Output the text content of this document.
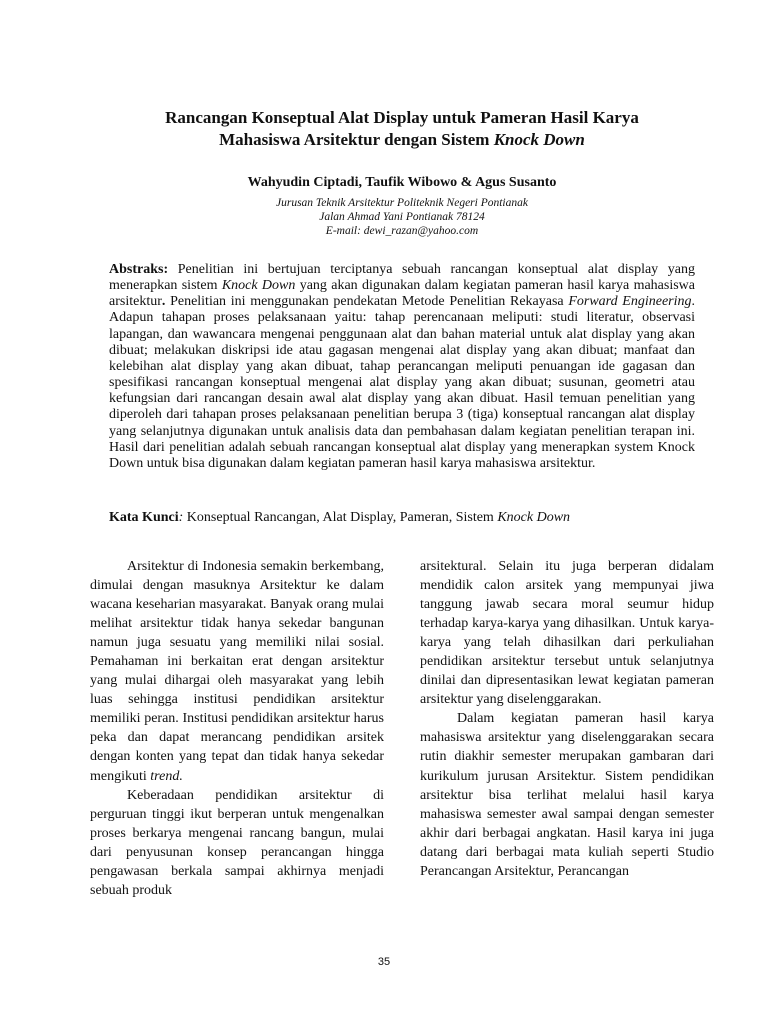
Rancangan Konseptual Alat Display untuk Pameran Hasil Karya
Mahasiswa Arsitektur dengan Sistem Knock Down
Wahyudin Ciptadi, Taufik Wibowo & Agus Susanto
Jurusan Teknik Arsitektur Politeknik Negeri Pontianak
Jalan Ahmad Yani Pontianak 78124
E-mail: dewi_razan@yahoo.com

Abstraks: Penelitian ini bertujuan terciptanya sebuah rancangan konseptual alat display yang menerapkan sistem Knock Down yang akan digunakan dalam kegiatan pameran hasil karya mahasiswa arsitektur. Penelitian ini menggunakan pendekatan Metode Penelitian Rekayasa Forward Engineering. Adapun tahapan proses pelaksanaan yaitu: tahap perencanaan meliputi: studi literatur, observasi lapangan, dan wawancara mengenai penggunaan alat dan bahan material untuk alat display yang akan dibuat; melakukan diskripsi ide atau gagasan mengenai alat display yang akan dibuat; manfaat dan kelebihan alat display yang akan dibuat, tahap perancangan meliputi penuangan ide gagasan dan spesifikasi rancangan konseptual mengenai alat display yang akan dibuat; susunan, geometri atau kefungsian dari rancangan desain awal alat display yang akan dibuat. Hasil temuan penelitian yang diperoleh dari tahapan proses pelaksanaan penelitian berupa 3 (tiga) konseptual rancangan alat display yang selanjutnya digunakan untuk analisis data dan pembahasan dalam kegiatan penelitian terapan ini. Hasil dari penelitian adalah sebuah rancangan konseptual alat display yang menerapkan system Knock Down untuk bisa digunakan dalam kegiatan pameran hasil karya mahasiswa arsitektur.

Kata Kunci: Konseptual Rancangan, Alat Display, Pameran, Sistem Knock Down

Arsitektur di Indonesia semakin berkembang, dimulai dengan masuknya Arsitektur ke dalam wacana keseharian masyarakat. Banyak orang mulai melihat arsitektur tidak hanya sekedar bangunan namun juga sesuatu yang memiliki nilai sosial. Pemahaman ini berkaitan erat dengan arsitektur yang mulai dihargai oleh masyarakat yang lebih luas sehingga institusi pendidikan arsitektur memiliki peran. Institusi pendidikan arsitektur harus peka dan dapat merancang pendidikan arsitek dengan konten yang tepat dan tidak hanya sekedar mengikuti trend.

Keberadaan pendidikan arsitektur di perguruan tinggi ikut berperan untuk mengenalkan proses berkarya mengenai rancang bangun, mulai dari penyusunan konsep perancangan hingga pengawasan berkala sampai akhirnya menjadi sebuah produk

arsitektural. Selain itu juga berperan didalam mendidik calon arsitek yang mempunyai jiwa tanggung jawab secara moral seumur hidup terhadap karya-karya yang dihasilkan. Untuk karya-karya yang telah dihasilkan dari perkuliahan pendidikan arsitektur tersebut untuk selanjutnya dinilai dan dipresentasikan lewat kegiatan pameran arsitektur yang diselenggarakan.

Dalam kegiatan pameran hasil karya mahasiswa arsitektur yang diselenggarakan secara rutin diakhir semester merupakan gambaran dari kurikulum jurusan Arsitektur. Sistem pendidikan arsitektur bisa terlihat melalui hasil karya mahasiswa semester awal sampai dengan semester akhir dari berbagai angkatan. Hasil karya ini juga datang dari berbagai mata kuliah seperti Studio Perancangan Arsitektur, Perancangan

35
